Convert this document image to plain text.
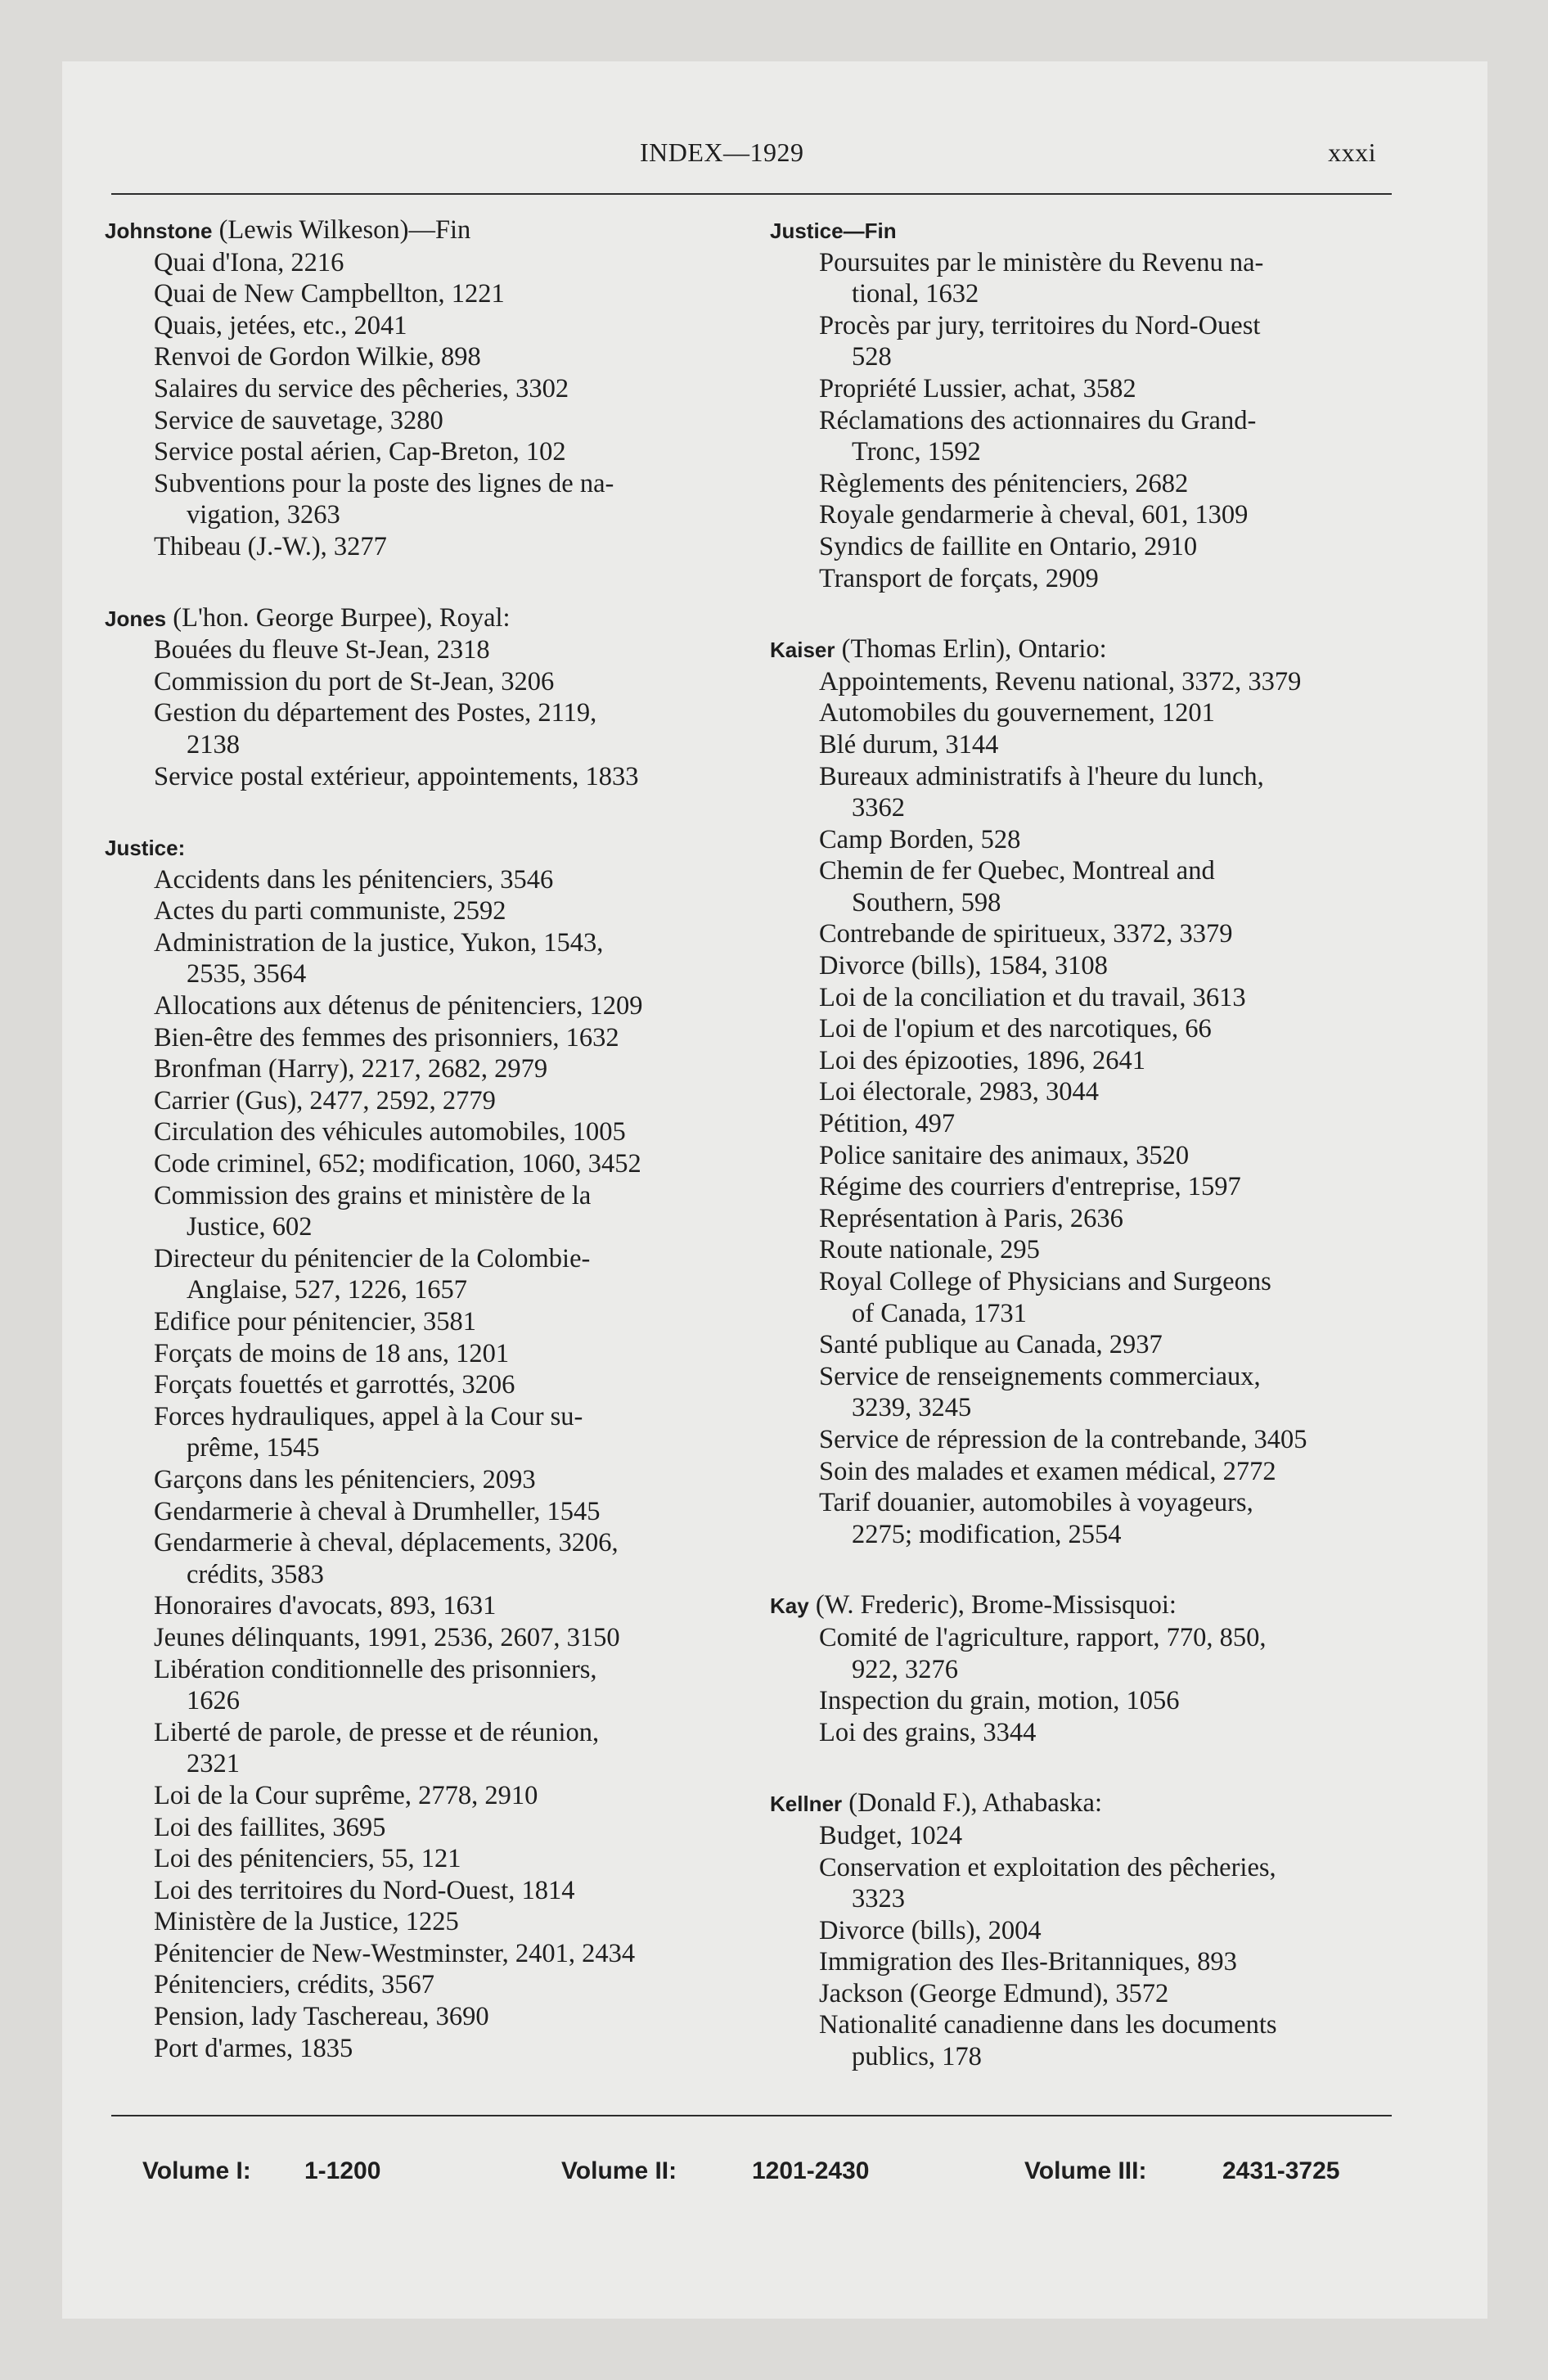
INDEX—1929	xxxi

Johnstone (Lewis Wilkeson)—Fin

Quai d'Iona, 2216

Quai de New Campbellton, 1221

Quais, jetées, etc., 2041

Renvoi de Gordon Wilkie, 898

Salaires du service des pêcheries, 3302

Service de sauvetage, 3280

Service postal aérien, Cap-Breton, 102

Subventions pour la poste des lignes de na-
vigation, 3263

Thibeau (J.-W.), 3277

Jones (L'hon. George Burpee), Royal:

Bouées du fleuve St-Jean, 2318

Commission du port de St-Jean, 3206

Gestion du département des Postes, 2119,
2138

Service postal extérieur, appointements, 1833

Justice:

Accidents dans les pénitenciers, 3546

Actes du parti communiste, 2592

Administration de la justice, Yukon, 1543,
2535, 3564

Allocations aux détenus de pénitenciers, 1209

Bien-être des femmes des prisonniers, 1632

Bronfman (Harry), 2217, 2682, 2979

Carrier (Gus), 2477, 2592, 2779

Circulation des véhicules automobiles, 1005

Code criminel, 652; modification, 1060, 3452

Commission des grains et ministère de la
Justice, 602

Directeur du pénitencier de la Colombie-
Anglaise, 527, 1226, 1657

Edifice pour pénitencier, 3581

Forçats de moins de 18 ans, 1201

Forçats fouettés et garrottés, 3206

Forces hydrauliques, appel à la Cour su-
prême, 1545

Garçons dans les pénitenciers, 2093

Gendarmerie à cheval à Drumheller, 1545

Gendarmerie à cheval, déplacements, 3206,
crédits, 3583

Honoraires d'avocats, 893, 1631

Jeunes délinquants, 1991, 2536, 2607, 3150

Libération conditionnelle des prisonniers,
1626

Liberté de parole, de presse et de réunion,
2321

Loi de la Cour suprême, 2778, 2910

Loi des faillites, 3695

Loi des pénitenciers, 55, 121

Loi des territoires du Nord-Ouest, 1814

Ministère de la Justice, 1225

Pénitencier de New-Westminster, 2401, 2434

Pénitenciers, crédits, 3567

Pension, lady Taschereau, 3690

Port d'armes, 1835

Justice—Fin

Poursuites par le ministère du Revenu na-
tional, 1632

Procès par jury, territoires du Nord-Ouest
528

Propriété Lussier, achat, 3582

Réclamations des actionnaires du Grand-
Tronc, 1592

Règlements des pénitenciers, 2682

Royale gendarmerie à cheval, 601, 1309

Syndics de faillite en Ontario, 2910

Transport de forçats, 2909

Kaiser (Thomas Erlin), Ontario:

Appointements, Revenu national, 3372, 3379

Automobiles du gouvernement, 1201

Blé durum, 3144

Bureaux administratifs à l'heure du lunch,
3362

Camp Borden, 528

Chemin de fer Quebec, Montreal and
Southern, 598

Contrebande de spiritueux, 3372, 3379

Divorce (bills), 1584, 3108

Loi de la conciliation et du travail, 3613

Loi de l'opium et des narcotiques, 66

Loi des épizooties, 1896, 2641

Loi électorale, 2983, 3044

Pétition, 497

Police sanitaire des animaux, 3520

Régime des courriers d'entreprise, 1597

Représentation à Paris, 2636

Route nationale, 295

Royal College of Physicians and Surgeons
of Canada, 1731

Santé publique au Canada, 2937

Service de renseignements commerciaux,
3239, 3245

Service de répression de la contrebande, 3405

Soin des malades et examen médical, 2772

Tarif douanier, automobiles à voyageurs,
2275; modification, 2554

Kay (W. Frederic), Brome-Missisquoi:

Comité de l'agriculture, rapport, 770, 850,
922, 3276

Inspection du grain, motion, 1056

Loi des grains, 3344

Kellner (Donald F.), Athabaska:

Budget, 1024

Conservation et exploitation des pêcheries,
3323

Divorce (bills), 2004

Immigration des Iles-Britanniques, 893

Jackson (George Edmund), 3572

Nationalité canadienne dans les documents
publics, 178

Volume I: 1-1200	Volume II:	1201-2430	Volume III:	2431-3725
